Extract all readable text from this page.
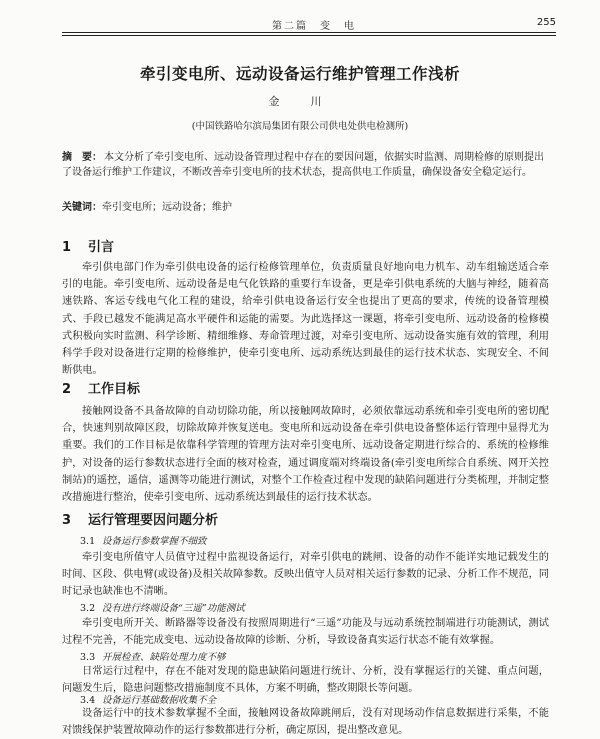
第二篇　变　电	255
牵引变电所、远动设备运行维护管理工作浅析
金　川
(中国铁路哈尔滨局集团有限公司供电处供电检测所)
摘　要： 本文分析了牵引变电所、远动设备管理过程中存在的要因问题，依据实时监测、周期检修的原则提出了设备运行维护工作建议，不断改善牵引变电所的技术状态，提高供电工作质量，确保设备安全稳定运行。
关键词：牵引变电所；远动设备；维护
1 引言
牵引供电部门作为牵引供电设备的运行检修管理单位，负责质量良好地向电力机车、动车组输送适合牵引的电能。牵引变电所、远动设备是电气化铁路的重要行车设备，更是牵引供电系统的大脑与神经，随着高速铁路、客运专线电气化工程的建设，给牵引供电设备运行安全也提出了更高的要求，传统的设备管理模式、手段已越发不能满足高水平硬件和运能的需要。为此选择这一课题，将牵引变电所、远动设备的检修模式积极向实时监测、科学诊断、精细维修、寿命管理过渡，对牵引变电所、远动设备实施有效的管理，利用科学手段对设备进行定期的检修维护，使牵引变电所、远动系统达到最佳的运行技术状态、实现安全、不间断供电。
2 工作目标
接触网设备不具备故障的自动切除功能，所以接触网故障时，必须依靠远动系统和牵引变电所的密切配合，快速判别故障区段，切除故障并恢复送电。变电所和远动设备在牵引供电设备整体运行管理中显得尤为重要。我们的工作目标是依靠科学管理的管理方法对牵引变电所、远动设备定期进行综合的、系统的检修维护，对设备的运行参数状态进行全面的核对检查，通过调度端对终端设备(牵引变电所综合自系统、网开关控制站)的遥控，遥信，遥测等功能进行测试，对整个工作检查过程中发现的缺陷问题进行分类梳理，并制定整改措施进行整治，使牵引变电所、远动系统达到最佳的运行技术状态。
3 运行管理要因问题分析
3.1 设备运行参数掌握不细致
牵引变电所值守人员值守过程中监视设备运行，对牵引供电的跳闸、设备的动作不能详实地记载发生的时间、区段、供电臂(或设备)及相关故障参数。反映出值守人员对相关运行参数的记录、分析工作不规范，同时记录也缺准也不清晰。
3.2 没有进行终端设备“三遥”功能测试
牵引变电所开关、断路器等设备没有按照周期进行“三遥”功能及与远动系统控制端进行功能测试，测试过程不完善，不能完成变电、远动设备故障的诊断、分析，导致设备真实运行状态不能有效掌握。
3.3 开展检查、缺陷处理力度不够
日常运行过程中，存在不能对发现的隐患缺陷问题进行统计、分析，没有掌握运行的关键、重点问题，问题发生后，隐患问题整改措施制度不具体，方案不明确，整改期限长等问题。
3.4 设备运行基础数据收集不全
设备运行中的技术参数掌握不全面，接触网设备故障跳闸后，没有对现场动作信息数据进行采集，不能对馈线保护装置故障动作的运行参数都进行分析，确定原因，提出整改意见。
